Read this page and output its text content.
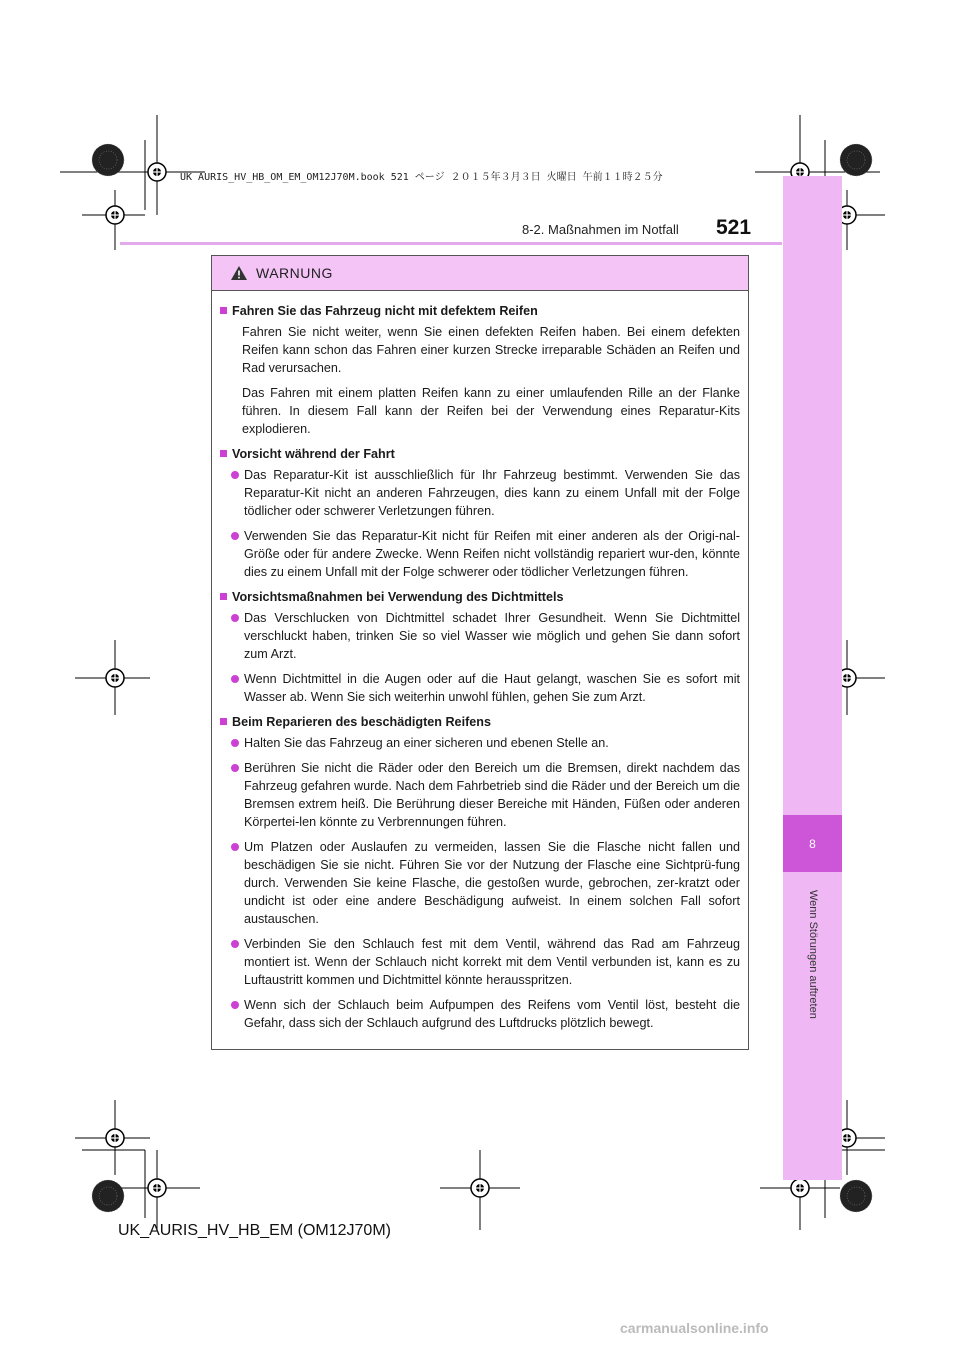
UK AURIS_HV_HB_OM_EM_OM12J70M.book 521 ページ ２０１５年３月３日 火曜日 午前１１時２５分
8
Wenn Störungen auftreten
8-2. Maßnahmen im Notfall 521
WARNUNG
Fahren Sie das Fahrzeug nicht mit defektem Reifen
Fahren Sie nicht weiter, wenn Sie einen defekten Reifen haben. Bei einem defekten Reifen kann schon das Fahren einer kurzen Strecke irreparable Schäden an Reifen und Rad verursachen.
Das Fahren mit einem platten Reifen kann zu einer umlaufenden Rille an der Flanke führen. In diesem Fall kann der Reifen bei der Verwendung eines Reparatur-Kits explodieren.
Vorsicht während der Fahrt
Das Reparatur-Kit ist ausschließlich für Ihr Fahrzeug bestimmt. Verwenden Sie das Reparatur-Kit nicht an anderen Fahrzeugen, dies kann zu einem Unfall mit der Folge tödlicher oder schwerer Verletzungen führen.
Verwenden Sie das Reparatur-Kit nicht für Reifen mit einer anderen als der Origi-nal-Größe oder für andere Zwecke. Wenn Reifen nicht vollständig repariert wur-den, könnte dies zu einem Unfall mit der Folge schwerer oder tödlicher Verletzungen führen.
Vorsichtsmaßnahmen bei Verwendung des Dichtmittels
Das Verschlucken von Dichtmittel schadet Ihrer Gesundheit. Wenn Sie Dichtmittel verschluckt haben, trinken Sie so viel Wasser wie möglich und gehen Sie dann sofort zum Arzt.
Wenn Dichtmittel in die Augen oder auf die Haut gelangt, waschen Sie es sofort mit Wasser ab. Wenn Sie sich weiterhin unwohl fühlen, gehen Sie zum Arzt.
Beim Reparieren des beschädigten Reifens
Halten Sie das Fahrzeug an einer sicheren und ebenen Stelle an.
Berühren Sie nicht die Räder oder den Bereich um die Bremsen, direkt nachdem das Fahrzeug gefahren wurde. Nach dem Fahrbetrieb sind die Räder und der Bereich um die Bremsen extrem heiß. Die Berührung dieser Bereiche mit Händen, Füßen oder anderen Körpertei-len könnte zu Verbrennungen führen.
Um Platzen oder Auslaufen zu vermeiden, lassen Sie die Flasche nicht fallen und beschädigen Sie sie nicht. Führen Sie vor der Nutzung der Flasche eine Sichtprü-fung durch. Verwenden Sie keine Flasche, die gestoßen wurde, gebrochen, zer-kratzt oder undicht ist oder eine andere Beschädigung aufweist. In einem solchen Fall sofort austauschen.
Verbinden Sie den Schlauch fest mit dem Ventil, während das Rad am Fahrzeug montiert ist. Wenn der Schlauch nicht korrekt mit dem Ventil verbunden ist, kann es zu Luftaustritt kommen und Dichtmittel könnte herausspritzen.
Wenn sich der Schlauch beim Aufpumpen des Reifens vom Ventil löst, besteht die Gefahr, dass sich der Schlauch aufgrund des Luftdrucks plötzlich bewegt.
UK_AURIS_HV_HB_EM (OM12J70M)
carmanualsonline.info
